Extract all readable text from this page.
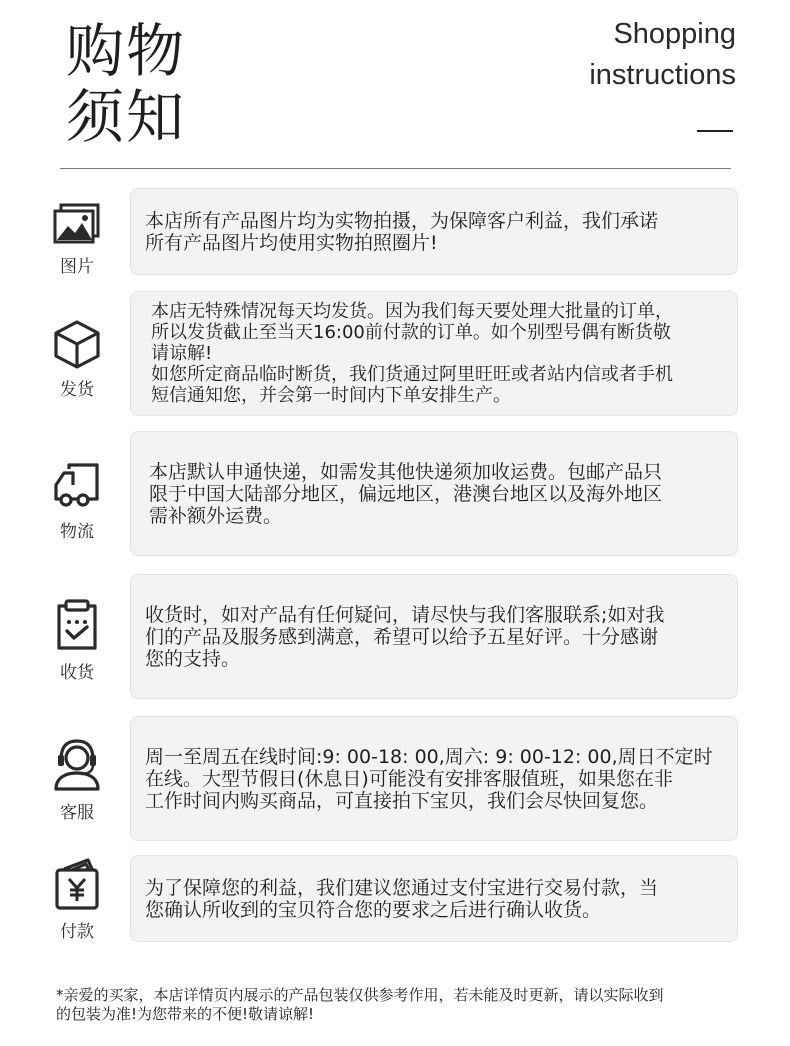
购物
须知
Shopping
instructions
图片

本店所有产品图片均为实物拍摄，为保障客户利益，我们承诺
所有产品图片均使用实物拍照圈片!

发货

本店无特殊情况每天均发货。因为我们每天要处理大批量的订单，
所以发货截止至当天16:00前付款的订单。如个别型号偶有断货敬
请谅解!
如您所定商品临时断货，我们货通过阿里旺旺或者站内信或者手机
短信通知您，并会第一时间内下单安排生产。

物流

本店默认申通快递，如需发其他快递须加收运费。包邮产品只
限于中国大陆部分地区，偏远地区，港澳台地区以及海外地区
需补额外运费。

收货

收货时，如对产品有任何疑问，请尽快与我们客服联系;如对我
们的产品及服务感到满意，希望可以给予五星好评。十分感谢
您的支持。

客服

周一至周五在线时间:9: 00-18: 00,周六: 9: 00-12: 00,周日不定时
在线。大型节假日(休息日)可能没有安排客服值班，如果您在非
工作时间内购买商品，可直接拍下宝贝，我们会尽快回复您。

付款

为了保障您的利益，我们建议您通过支付宝进行交易付款，当
您确认所收到的宝贝符合您的要求之后进行确认收货。

*亲爱的买家，本店详情页内展示的产品包装仅供参考作用，若未能及时更新，请以实际收到
的包装为准!为您带来的不便!敬请谅解!
